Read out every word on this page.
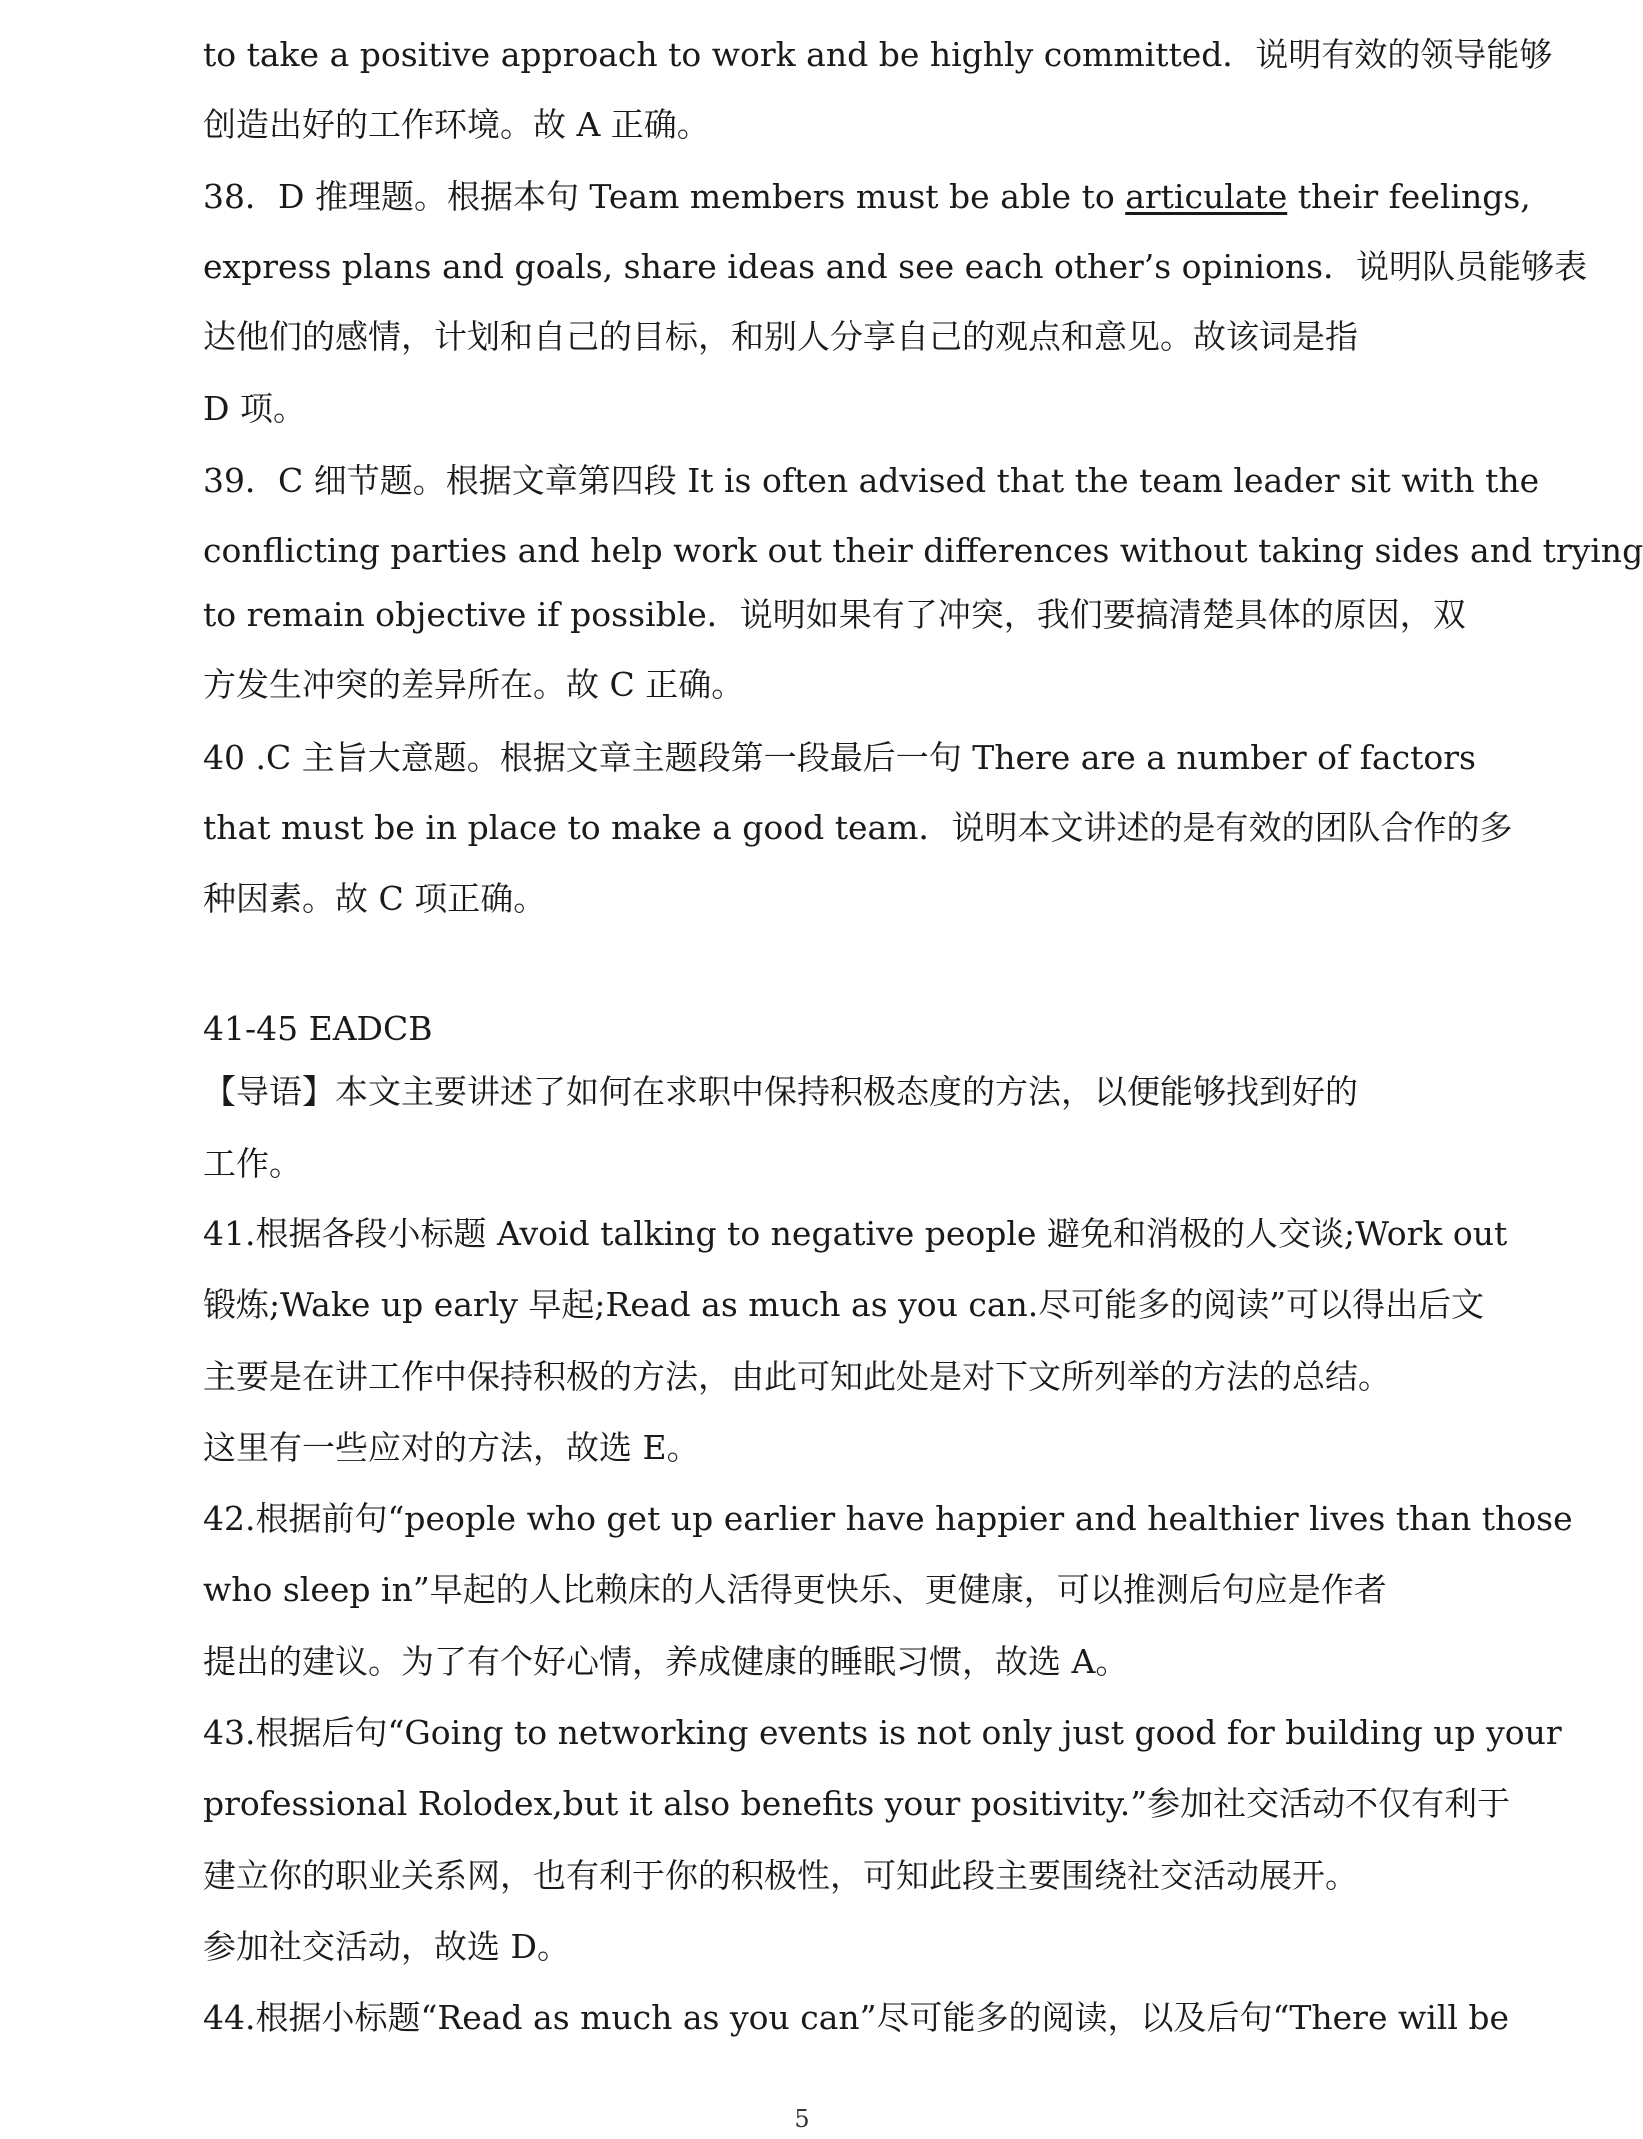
to take a positive approach to work and be highly committed．说明有效的领导能够
创造出好的工作环境。故 A 正确。
38．D 推理题。根据本句 Team members must be able to articulate their feelings,
express plans and goals, share ideas and see each other’s opinions．说明队员能够表
达他们的感情，计划和自己的目标，和别人分享自己的观点和意见。故该词是指
D 项。
39．C 细节题。根据文章第四段 It is often advised that the team leader sit with the
conflicting parties and help work out their differences without taking sides and trying
to remain objective if possible．说明如果有了冲突，我们要搞清楚具体的原因，双
方发生冲突的差异所在。故 C 正确。
40 .C 主旨大意题。根据文章主题段第一段最后一句 There are a number of factors
that must be in place to make a good team．说明本文讲述的是有效的团队合作的多
种因素。故 C 项正确。
41-45 EADCB
【导语】本文主要讲述了如何在求职中保持积极态度的方法，以便能够找到好的
工作。
41.根据各段小标题 Avoid talking to negative people 避免和消极的人交谈;Work out
锻炼;Wake up early 早起;Read as much as you can.尽可能多的阅读”可以得出后文
主要是在讲工作中保持积极的方法，由此可知此处是对下文所列举的方法的总结。
这里有一些应对的方法，故选 E。
42.根据前句“people who get up earlier have happier and healthier lives than those
who sleep in”早起的人比赖床的人活得更快乐、更健康，可以推测后句应是作者
提出的建议。为了有个好心情，养成健康的睡眠习惯，故选 A。
43.根据后句“Going to networking events is not only just good for building up your
professional Rolodex,but it also benefits your positivity.”参加社交活动不仅有利于
建立你的职业关系网，也有利于你的积极性，可知此段主要围绕社交活动展开。
参加社交活动，故选 D。
44.根据小标题“Read as much as you can”尽可能多的阅读，以及后句“There will be
5
